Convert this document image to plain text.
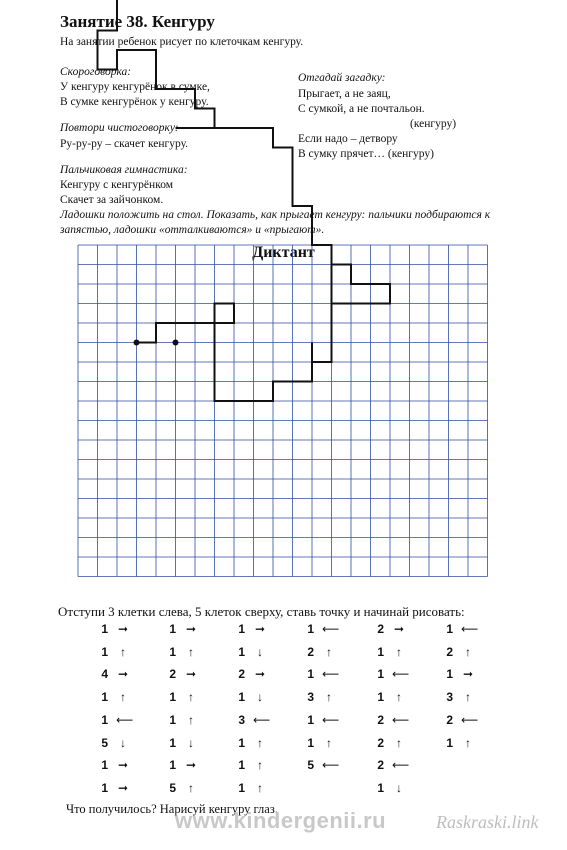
Занятие 38. Кенгуру
На занятии ребенок рисует по клеточкам кенгуру.
Скороговорка:
У кенгуру кенгурёнок в сумке,
В сумке кенгурёнок у кенгуру.
Отгадай загадку:
Прыгает, а не заяц,
С сумкой, а не почтальон.
(кенгуру)
Если надо – детвору
В сумку прячет… (кенгуру)
Повтори чистоговорку:
Ру-ру-ру – скачет кенгуру.
Пальчиковая гимнастика:
Кенгуру с кенгурёнком
Скачет за зайчонком.
Ладошки положить на стол. Показать, как прыгает кенгуру: пальчики подбираются к запястью, ладошки «отталкиваются» и «прыгают».
Диктант
Отступи 3 клетки слева, 5 клеток сверху, ставь точку и начинай рисовать:
1 ➞
1 ↑
4 ➞
1 ↑
1 ⟵
5 ↓
1 ➞
1 ➞
1 ➞
1 ↑
2 ➞
1 ↑
1 ↑
1 ↓
1 ➞
5 ↑
1 ➞
1 ↓
2 ➞
1 ↓
3 ⟵
1 ↑
1 ↑
1 ↑
1 ⟵
2 ↑
1 ⟵
3 ↑
1 ⟵
1 ↑
5 ⟵
2 ➞
1 ↑
1 ⟵
1 ↑
2 ⟵
2 ↑
2 ⟵
1 ↓
1 ⟵
2 ↑
1 ➞
3 ↑
2 ⟵
1 ↑
Что получилось? Нарисуй кенгуру глаз.
www.kindergenii.ru	Raskraski.link
